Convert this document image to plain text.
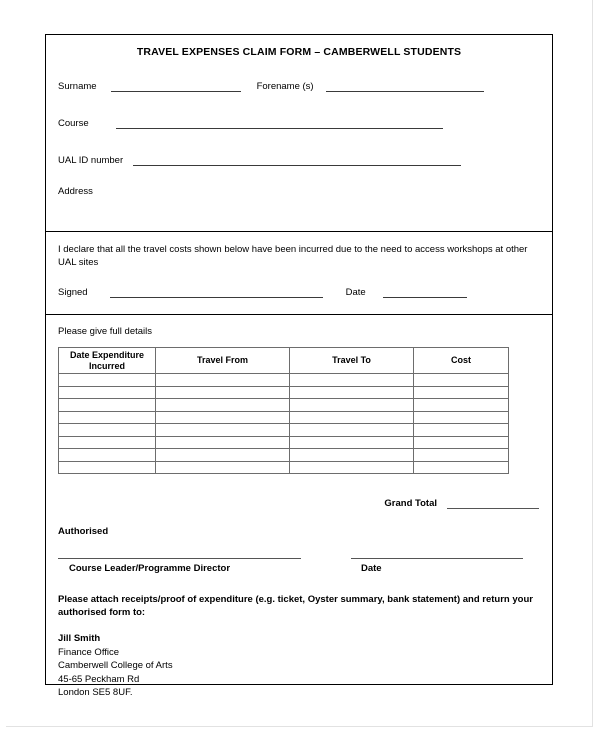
TRAVEL EXPENSES CLAIM FORM – CAMBERWELL STUDENTS
Surname	Forename (s)
Course
UAL ID number
Address

I declare that all the travel costs shown below have been incurred due to the need to access workshops at other UAL sites

Signed	Date

Please give full details

Date Expenditure Incurred	Travel From	Travel To	Cost

Grand Total
Authorised
Course Leader/Programme Director	Date
Please attach receipts/proof of expenditure (e.g. ticket, Oyster summary, bank statement) and return your authorised form to:
Jill Smith
Finance Office
Camberwell College of Arts
45-65 Peckham Rd
London SE5 8UF.
